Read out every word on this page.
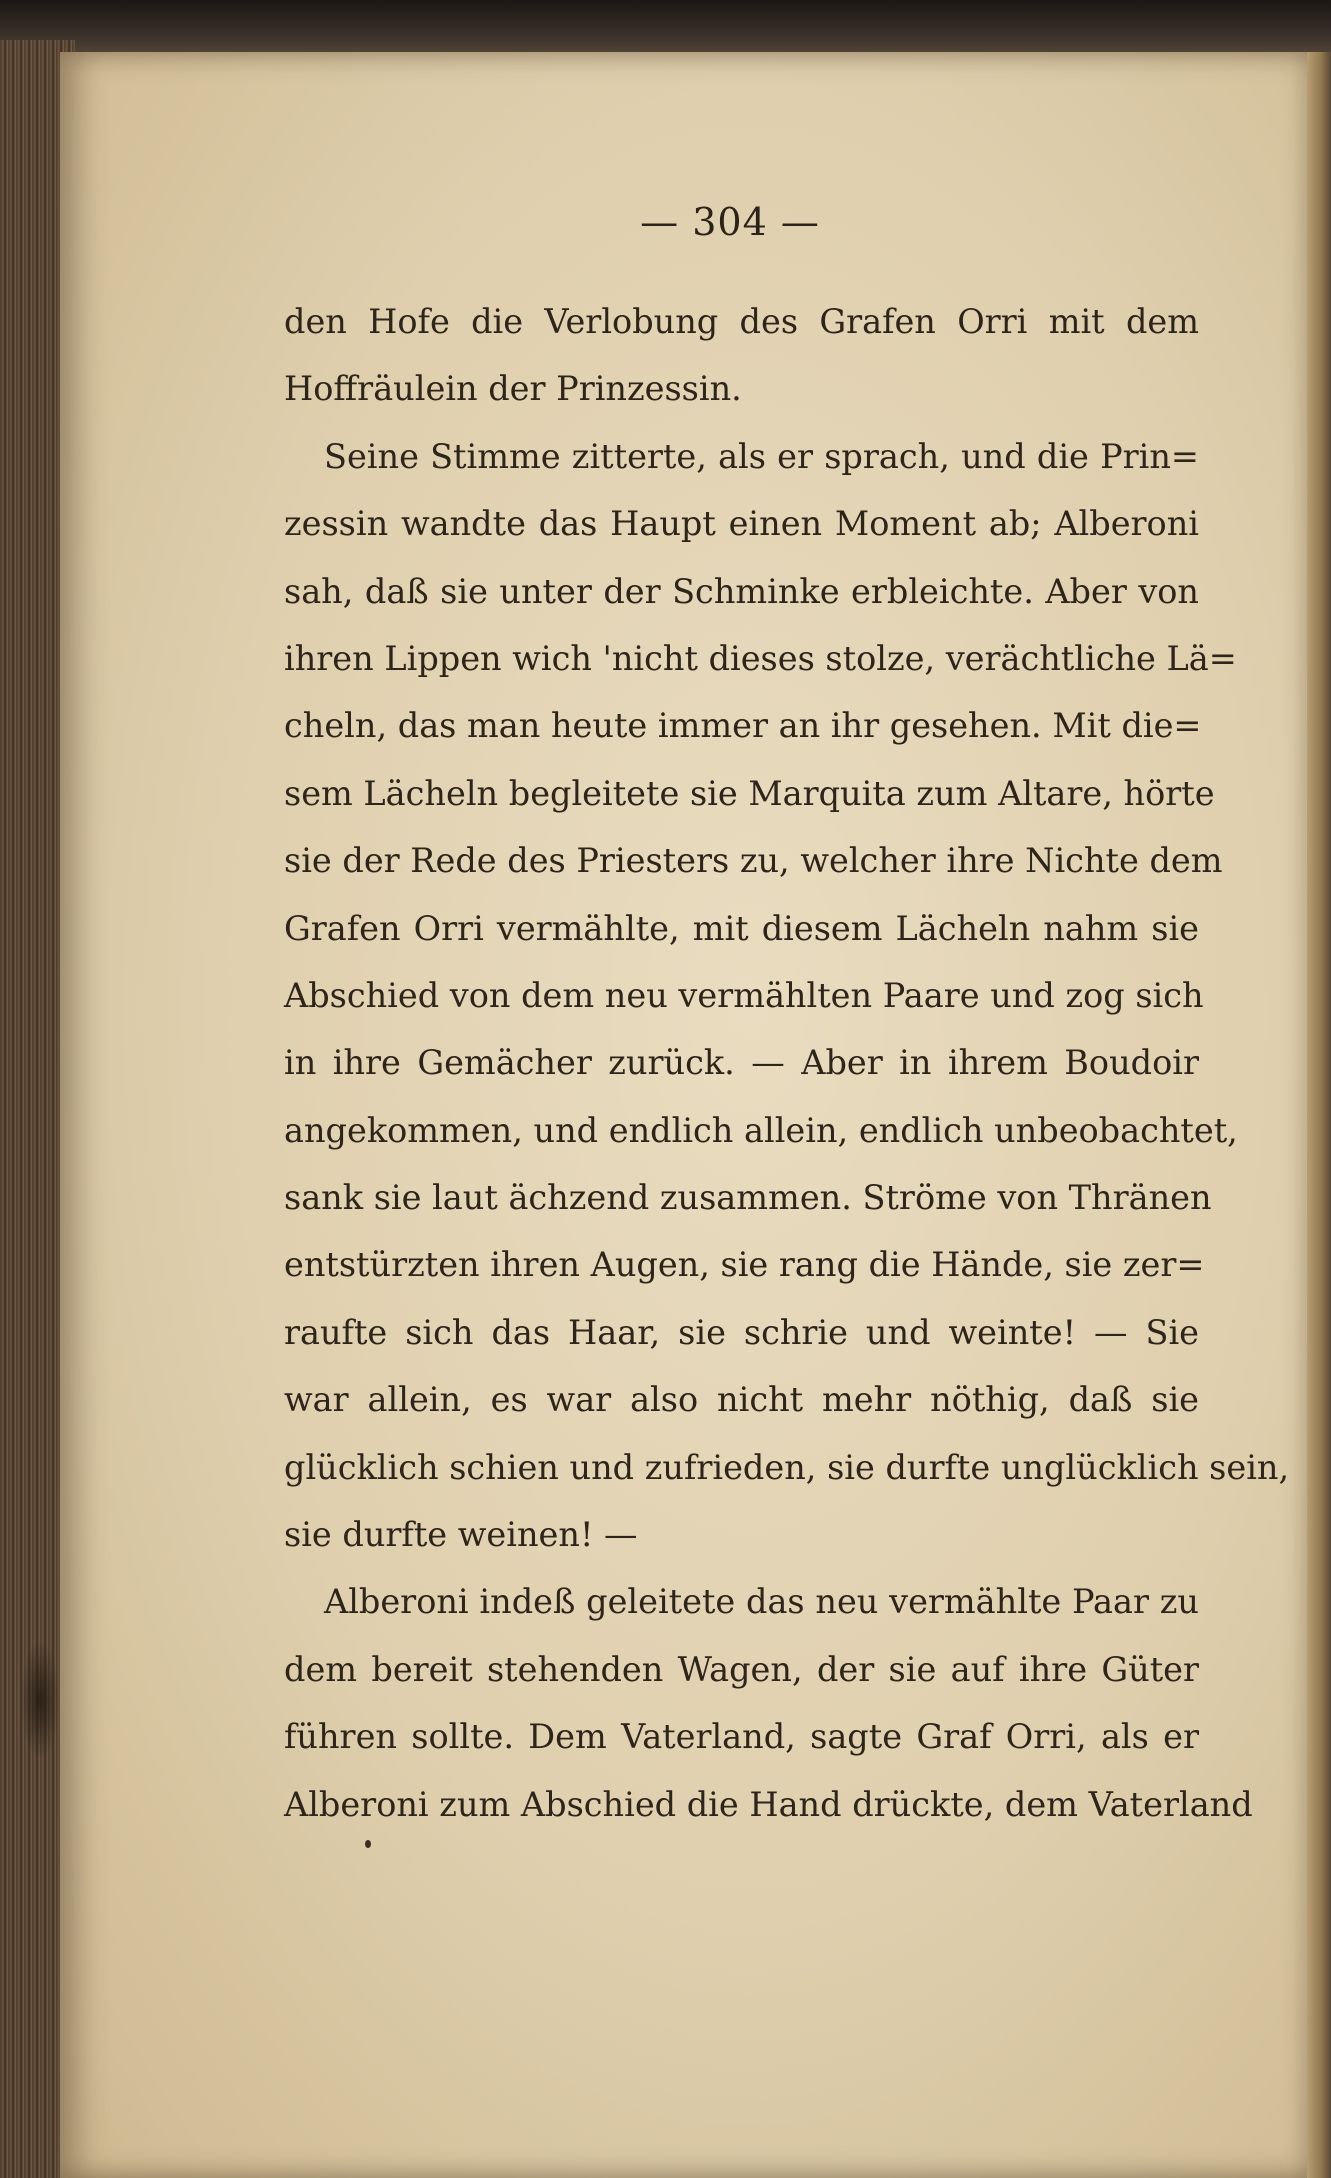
— 304 —
den Hofe die Verlobung des Grafen Orri mit dem
Hoffräulein der Prinzessin.
Seine Stimme zitterte, als er sprach, und die Prin=
zessin wandte das Haupt einen Moment ab; Alberoni
sah, daß sie unter der Schminke erbleichte. Aber von
ihren Lippen wich 'nicht dieses stolze, verächtliche Lä=
cheln, das man heute immer an ihr gesehen. Mit die=
sem Lächeln begleitete sie Marquita zum Altare, hörte
sie der Rede des Priesters zu, welcher ihre Nichte dem
Grafen Orri vermählte, mit diesem Lächeln nahm sie
Abschied von dem neu vermählten Paare und zog sich
in ihre Gemächer zurück. — Aber in ihrem Boudoir
angekommen, und endlich allein, endlich unbeobachtet,
sank sie laut ächzend zusammen. Ströme von Thränen
entstürzten ihren Augen, sie rang die Hände, sie zer=
raufte sich das Haar, sie schrie und weinte! — Sie
war allein, es war also nicht mehr nöthig, daß sie
glücklich schien und zufrieden, sie durfte unglücklich sein,
sie durfte weinen! —
Alberoni indeß geleitete das neu vermählte Paar zu
dem bereit stehenden Wagen, der sie auf ihre Güter
führen sollte. Dem Vaterland, sagte Graf Orri, als er
Alberoni zum Abschied die Hand drückte, dem Vaterland
